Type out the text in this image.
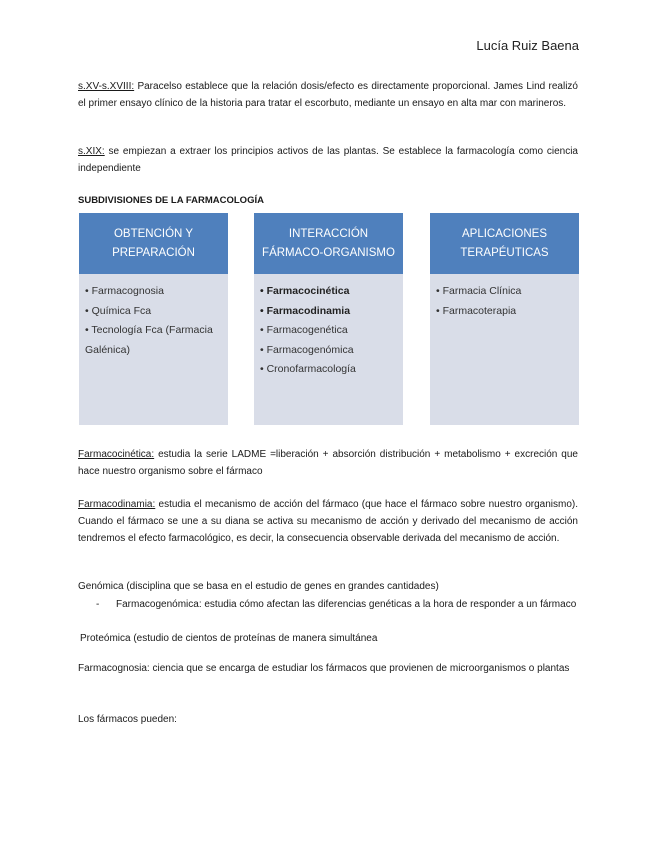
Lucía Ruiz Baena
s.XV-s.XVIII: Paracelso establece que la relación dosis/efecto es directamente proporcional. James Lind realizó el primer ensayo clínico de la historia para tratar el escorbuto, mediante un ensayo en alta mar con marineros.
s.XIX: se empiezan a extraer los principios activos de las plantas. Se establece la farmacología como ciencia independiente
SUBDIVISIONES DE LA FARMACOLOGÍA
OBTENCIÓN Y PREPARACIÓN
• Farmacognosia
• Química Fca
• Tecnología Fca (Farmacia Galénica)
INTERACCIÓN FÁRMACO-ORGANISMO
• Farmacocinética
• Farmacodinamia
• Farmacogenética
• Farmacogenómica
• Cronofarmacología
APLICACIONES TERAPÉUTICAS
• Farmacia Clínica
• Farmacoterapia
Farmacocinética: estudia la serie LADME =liberación + absorción distribución + metabolismo + excreción que hace nuestro organismo sobre el fármaco
Farmacodinamia: estudia el mecanismo de acción del fármaco (que hace el fármaco sobre nuestro organismo). Cuando el fármaco se une a su diana se activa su mecanismo de acción y derivado del mecanismo de acción tendremos el efecto farmacológico, es decir, la consecuencia observable derivada del mecanismo de acción.
Genómica (disciplina que se basa en el estudio de genes en grandes cantidades)
- Farmacogenómica: estudia cómo afectan las diferencias genéticas a la hora de responder a un fármaco
Proteómica (estudio de cientos de proteínas de manera simultánea
Farmacognosia: ciencia que se encarga de estudiar los fármacos que provienen de microorganismos o plantas
Los fármacos pueden:
